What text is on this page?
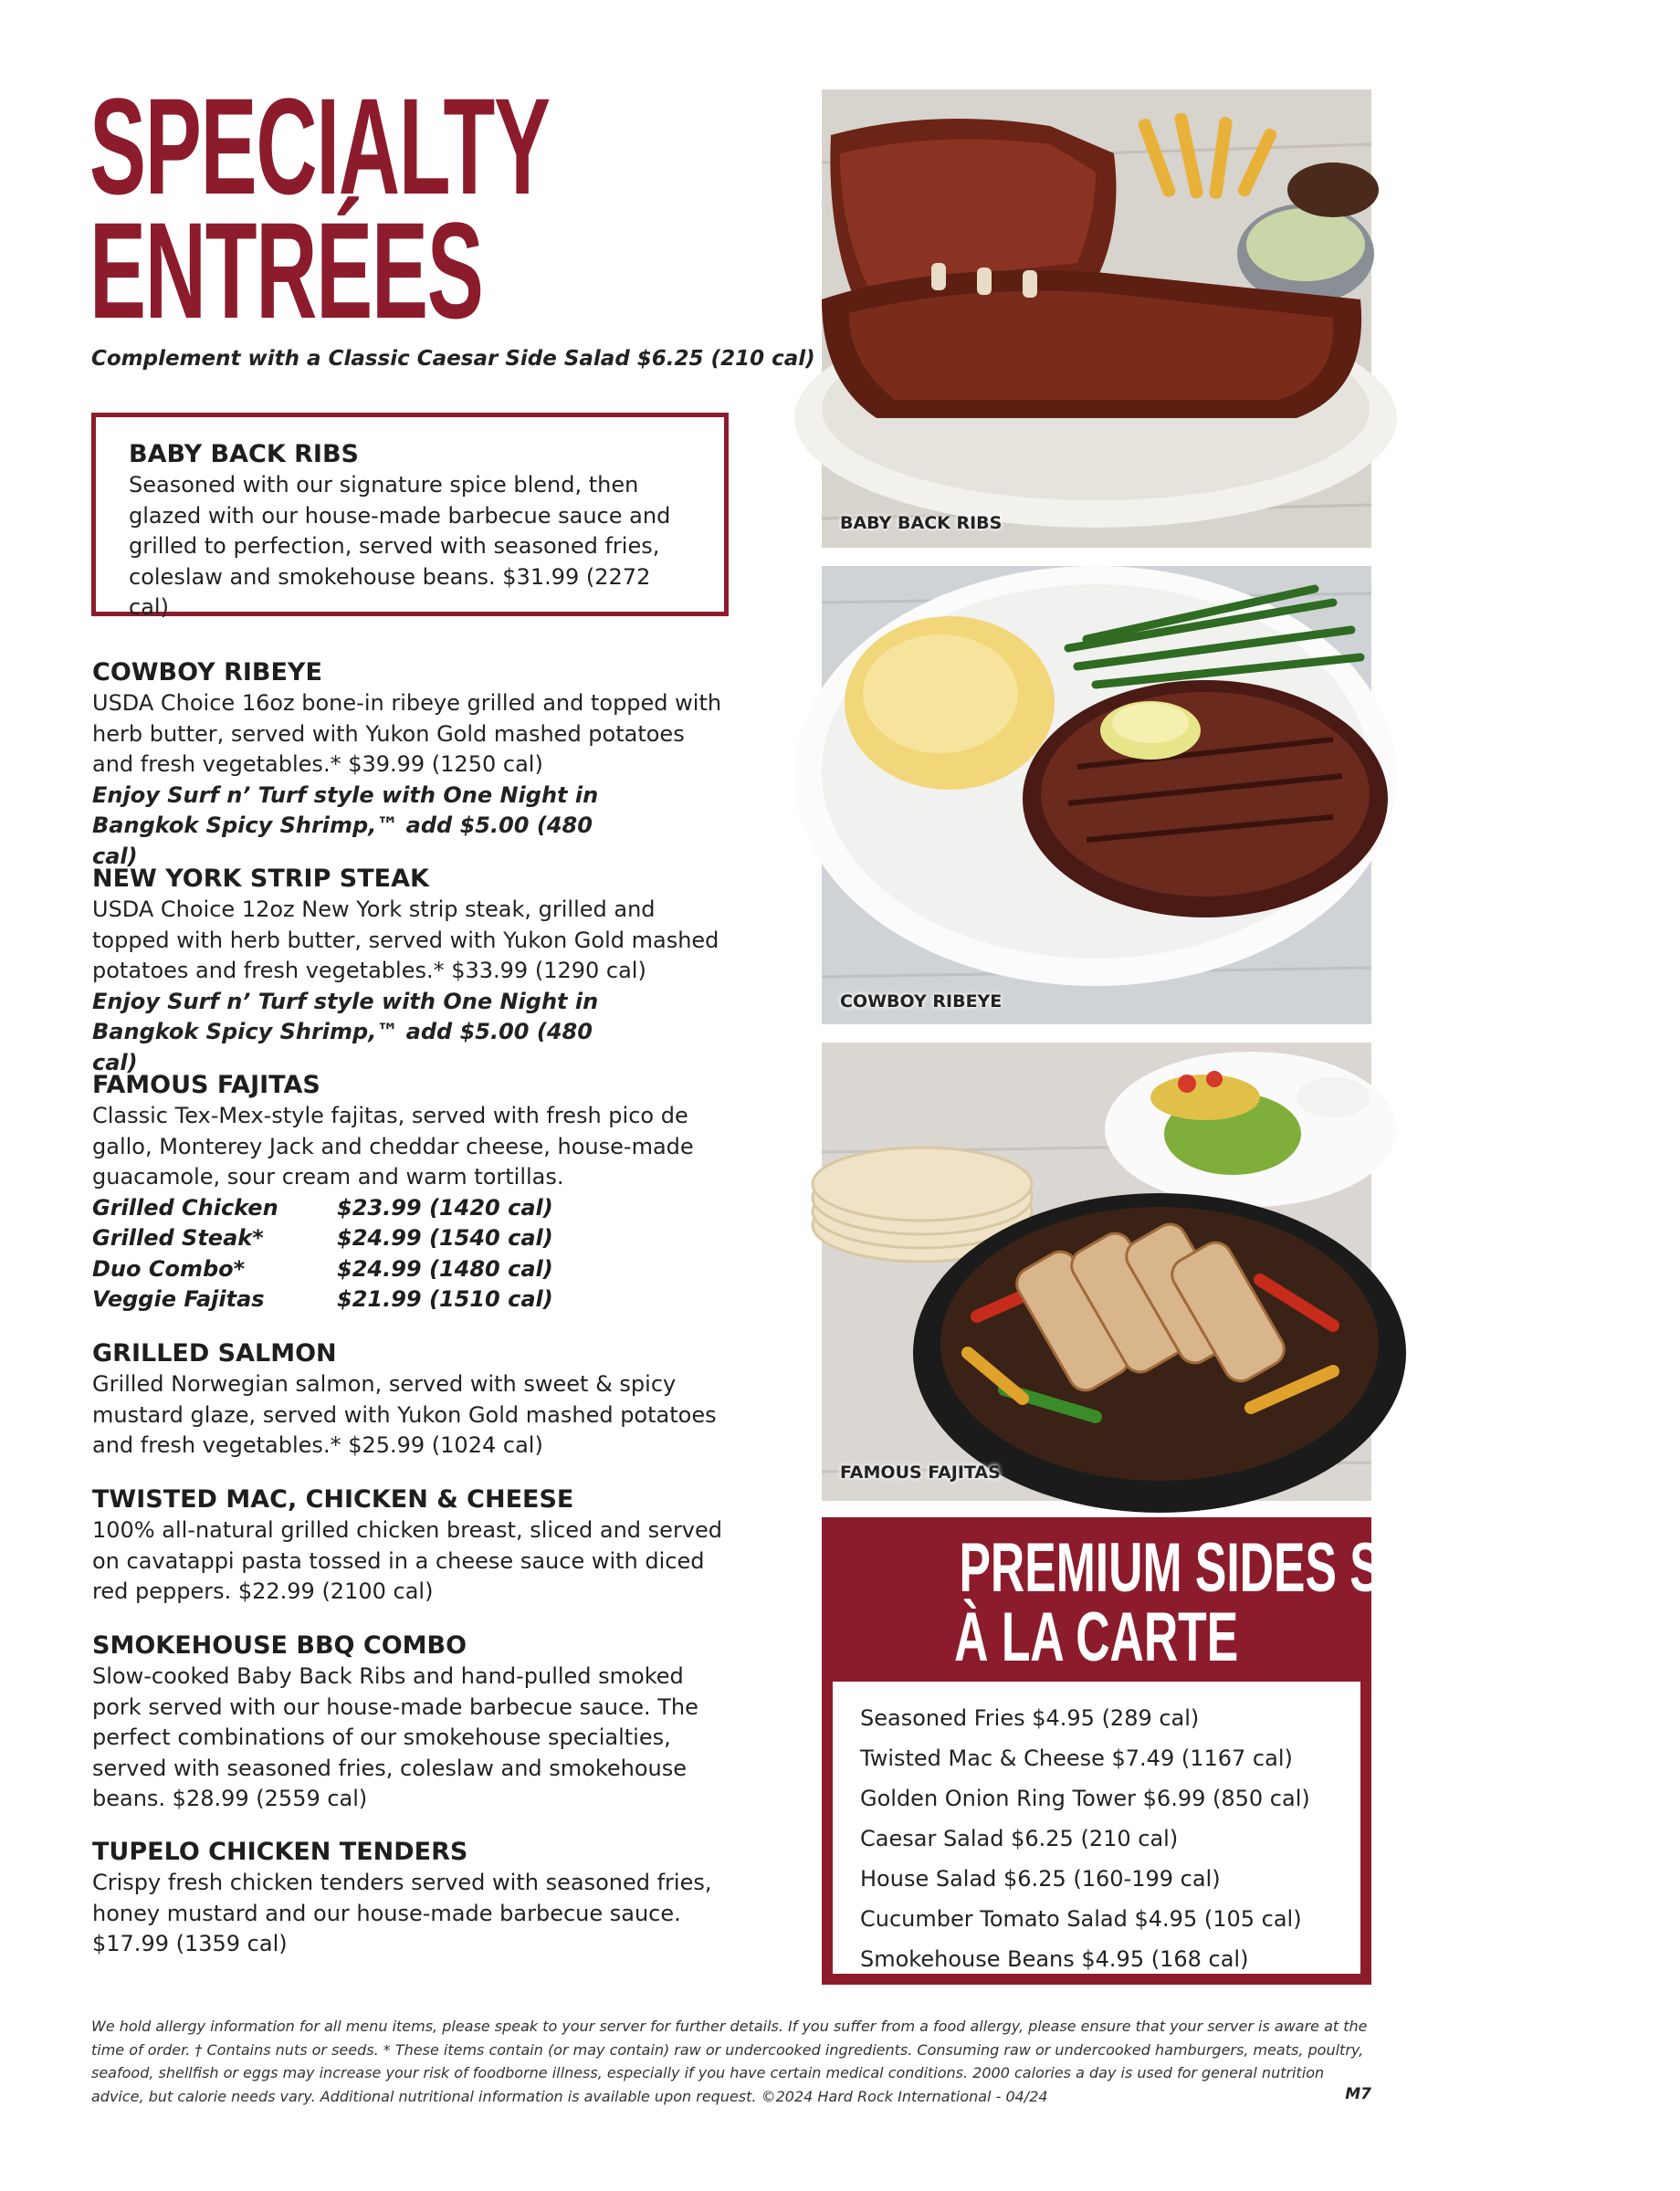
SPECIALTY
ENTRÉES
Complement with a Classic Caesar Side Salad $6.25 (210 cal)
BABY BACK RIBS
Seasoned with our signature spice blend, then glazed with our house-made barbecue sauce and grilled to perfection, served with seasoned fries, coleslaw and smokehouse beans. $31.99 (2272 cal)
COWBOY RIBEYE
USDA Choice 16oz bone-in ribeye grilled and topped with herb butter, served with Yukon Gold mashed potatoes and fresh vegetables.* $39.99 (1250 cal)
Enjoy Surf n’ Turf style with One Night in Bangkok Spicy Shrimp,™ add $5.00 (480 cal)
NEW YORK STRIP STEAK
USDA Choice 12oz New York strip steak, grilled and topped with herb butter, served with Yukon Gold mashed potatoes and fresh vegetables.* $33.99 (1290 cal)
Enjoy Surf n’ Turf style with One Night in Bangkok Spicy Shrimp,™ add $5.00 (480 cal)
FAMOUS FAJITAS
Classic Tex-Mex-style fajitas, served with fresh pico de gallo, Monterey Jack and cheddar cheese, house-made guacamole, sour cream and warm tortillas.
Grilled Chicken	$23.99 (1420 cal)
Grilled Steak*	$24.99 (1540 cal)
Duo Combo*	$24.99 (1480 cal)
Veggie Fajitas	$21.99 (1510 cal)
GRILLED SALMON
Grilled Norwegian salmon, served with sweet & spicy mustard glaze, served with Yukon Gold mashed potatoes and fresh vegetables.* $25.99 (1024 cal)
TWISTED MAC, CHICKEN & CHEESE
100% all-natural grilled chicken breast, sliced and served on cavatappi pasta tossed in a cheese sauce with diced red peppers. $22.99 (2100 cal)
SMOKEHOUSE BBQ COMBO
Slow-cooked Baby Back Ribs and hand-pulled smoked pork served with our house-made barbecue sauce. The perfect combinations of our smokehouse specialties, served with seasoned fries, coleslaw and smokehouse beans. $28.99 (2559 cal)
TUPELO CHICKEN TENDERS
Crispy fresh chicken tenders served with seasoned fries, honey mustard and our house-made barbecue sauce. $17.99 (1359 cal)
BABY BACK RIBS
COWBOY RIBEYE
FAMOUS FAJITAS
PREMIUM SIDES SERVED
À LA CARTE
Seasoned Fries $4.95 (289 cal)
Twisted Mac & Cheese $7.49 (1167 cal)
Golden Onion Ring Tower $6.99 (850 cal)
Caesar Salad $6.25 (210 cal)
House Salad $6.25 (160-199 cal)
Cucumber Tomato Salad $4.95 (105 cal)
Smokehouse Beans $4.95 (168 cal)
We hold allergy information for all menu items, please speak to your server for further details. If you suffer from a food allergy, please ensure that your server is aware at the time of order. † Contains nuts or seeds. * These items contain (or may contain) raw or undercooked ingredients. Consuming raw or undercooked hamburgers, meats, poultry, seafood, shellfish or eggs may increase your risk of foodborne illness, especially if you have certain medical conditions. 2000 calories a day is used for general nutrition advice, but calorie needs vary. Additional nutritional information is available upon request. ©2024 Hard Rock International - 04/24	M7
